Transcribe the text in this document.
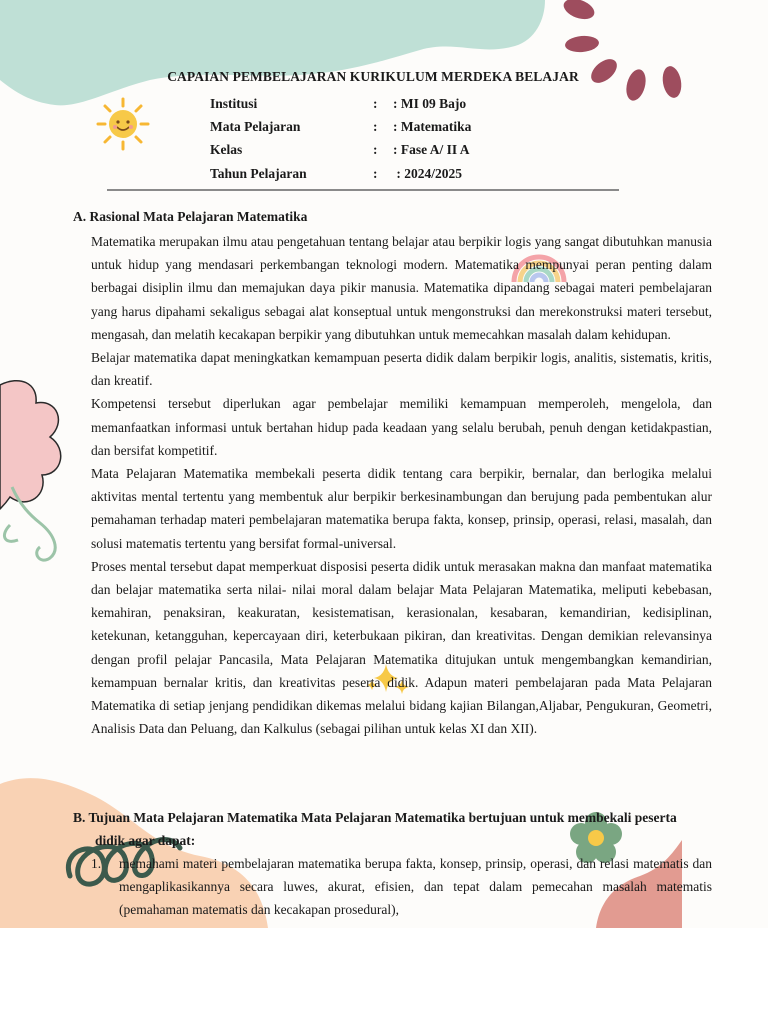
CAPAIAN PEMBELAJARAN KURIKULUM MERDEKA BELAJAR
Institusi	:	: MI 09 Bajo
Mata Pelajaran	:	: Matematika
Kelas	:	: Fase A/ II A
Tahun Pelajaran	:	: 2024/2025
A. Rasional Mata Pelajaran Matematika

Matematika merupakan ilmu atau pengetahuan tentang belajar atau berpikir logis yang sangat dibutuhkan manusia untuk hidup yang mendasari perkembangan teknologi modern. Matematika mempunyai peran penting dalam berbagai disiplin ilmu dan memajukan daya pikir manusia. Matematika dipandang sebagai materi pembelajaran yang harus dipahami sekaligus sebagai alat konseptual untuk mengonstruksi dan merekonstruksi materi tersebut, mengasah, dan melatih kecakapan berpikir yang dibutuhkan untuk memecahkan masalah dalam kehidupan.

Belajar matematika dapat meningkatkan kemampuan peserta didik dalam berpikir logis, analitis, sistematis, kritis, dan kreatif.

Kompetensi tersebut diperlukan agar pembelajar memiliki kemampuan memperoleh, mengelola, dan memanfaatkan informasi untuk bertahan hidup pada keadaan yang selalu berubah, penuh dengan ketidakpastian, dan bersifat kompetitif.

Mata Pelajaran Matematika membekali peserta didik tentang cara berpikir, bernalar, dan berlogika melalui aktivitas mental tertentu yang membentuk alur berpikir berkesinambungan dan berujung pada pembentukan alur pemahaman terhadap materi pembelajaran matematika berupa fakta, konsep, prinsip, operasi, relasi, masalah, dan solusi matematis tertentu yang bersifat formal-universal.

Proses mental tersebut dapat memperkuat disposisi peserta didik untuk merasakan makna dan manfaat matematika dan belajar matematika serta nilai- nilai moral dalam belajar Mata Pelajaran Matematika, meliputi kebebasan, kemahiran, penaksiran, keakuratan, kesistematisan, kerasionalan, kesabaran, kemandirian, kedisiplinan, ketekunan, ketangguhan, kepercayaan diri, keterbukaan pikiran, dan kreativitas. Dengan demikian relevansinya dengan profil pelajar Pancasila, Mata Pelajaran Matematika ditujukan untuk mengembangkan kemandirian, kemampuan bernalar kritis, dan kreativitas peserta didik. Adapun materi pembelajaran pada Mata Pelajaran Matematika di setiap jenjang pendidikan dikemas melalui bidang kajian Bilangan,Aljabar, Pengukuran, Geometri, Analisis Data dan Peluang, dan Kalkulus (sebagai pilihan untuk kelas XI dan XII).

B. Tujuan Mata Pelajaran Matematika Mata Pelajaran Matematika bertujuan untuk membekali peserta
didik agar dapat:
1.	memahami materi pembelajaran matematika berupa fakta, konsep, prinsip, operasi, dan relasi matematis dan mengaplikasikannya secara luwes, akurat, efisien, dan tepat dalam pemecahan masalah matematis (pemahaman matematis dan kecakapan prosedural),
